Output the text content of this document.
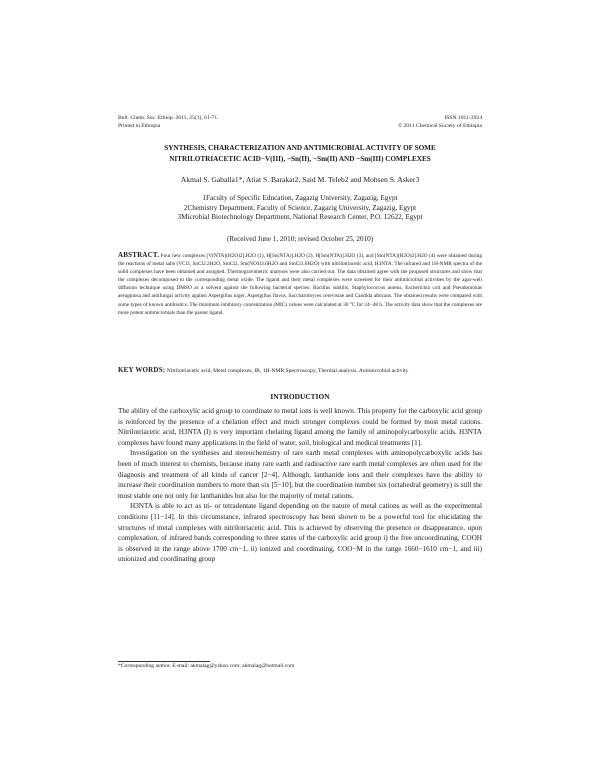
Bull. Chem. Soc. Ethiop. 2011, 25(1), 61-71.
Printed in Ethiopia
ISSN 1011-3924
© 2011 Chemical Society of Ethiopia
SYNTHESIS, CHARACTERIZATION AND ANTIMICROBIAL ACTIVITY OF SOME
NITRILOTRIACETIC ACID−V(III), −Sn(II), −Sm(II) AND −Sm(III) COMPLEXES
Akmal S. Gaballa1*, Atiat S. Barakat2, Said M. Teleb2 and Mohsen S. Asker3
1Faculty of Specific Education, Zagazig University, Zagazig, Egypt
2Chemistry Department, Faculty of Science, Zagazig University, Zagazig, Egypt
3Microbial Biotechnology Department, National Research Center, P.O. 12622, Egypt
(Received June 1, 2010; revised October 25, 2010)
ABSTRACT. Four new complexes [V(NTA)(H2O)2].H2O (1), H[Sn(NTA)].H2O (2), H[Sm(NTA)].H2O (3), and [Sm(NTA)(H2O)2].H2O (4) were obtained during the reactions of metal salts (VCl3, SnCl2.2H2O, SmCl2, Sm(NO3)3.6H2O and SmCl3.6H2O) with nitrilotriacetic acid, H3NTA. The infrared and 1H-NMR spectra of the solid complexes have been obtained and assigned. Thermogravimetric analyses were also carried out. The data obtained agree with the proposed structures and show that the complexes decomposed to the corresponding metal oxide. The ligand and their metal complexes were screened for their antimicrobial activities by the agar-well diffusion technique using DMSO as a solvent against the following bacterial species: Bacillus subtilis, Staphylococcus aureus, Escherichia coli and Pseudomonas aeruginosa and antifungal activity against Aspergillus niger, Aspergillus flavus, Saccharomyces cerevisiae and Candida albicans. The obtained results were compared with some types of known antibiotics. The minimum inhibitory concentration (MIC) values were calculated at 30 °C for 24−48 h. The activity data show that the complexes are more potent antimicrobials than the parent ligand.
KEY WORDS: Nitrilotriacetic acid, Metal complexes, IR, 1H-NMR Spectroscopy, Thermal analysis, Antimicrobial activity
INTRODUCTION

The ability of the carboxylic acid group to coordinate to metal ions is well known. This property for the carboxylic acid group is reinforced by the presence of a chelation effect and much stronger complexes could be formed by most metal cations. Nitrilotriacetic acid, H3NTA (I) is very important chelating ligand among the family of aminopolycarboxylic acids. H3NTA complexes have found many applications in the field of water, soil, biological and medical treatments [1].

Investigation on the syntheses and stereochemistry of rare earth metal complexes with aminopolycarboxylic acids has been of much interest to chemists, because many rare earth and radioactive rare earth metal complexes are often used for the diagnosis and treatment of all kinds of cancer [2−4]. Although, lanthanide ions and their complexes have the ability to increase their coordination numbers to more than six [5−10], but the coordination number six (octahedral geometry) is still the most stable one not only for lanthanides but also for the majority of metal cations.

H3NTA is able to act as tri- or tetradentate ligand depending on the nature of metal cations as well as the experimental conditions [11−14]. In this circumstance, infrared spectroscopy has been shown to be a powerful tool for elucidating the structures of metal complexes with nitrilotriacetic acid. This is achieved by observing the presence or disappearance, upon complexation, of infrared bands corresponding to three states of the carboxylic acid group i) the free uncoordinating, COOH is observed in the range above 1700 cm−1, ii) ionized and coordinating, COO−M in the range 1660−1610 cm−1, and iii) unionized and coordinating group

*Corresponding author. E-mail: akmalag@yahoo.com; akmalag@hotmail.com
